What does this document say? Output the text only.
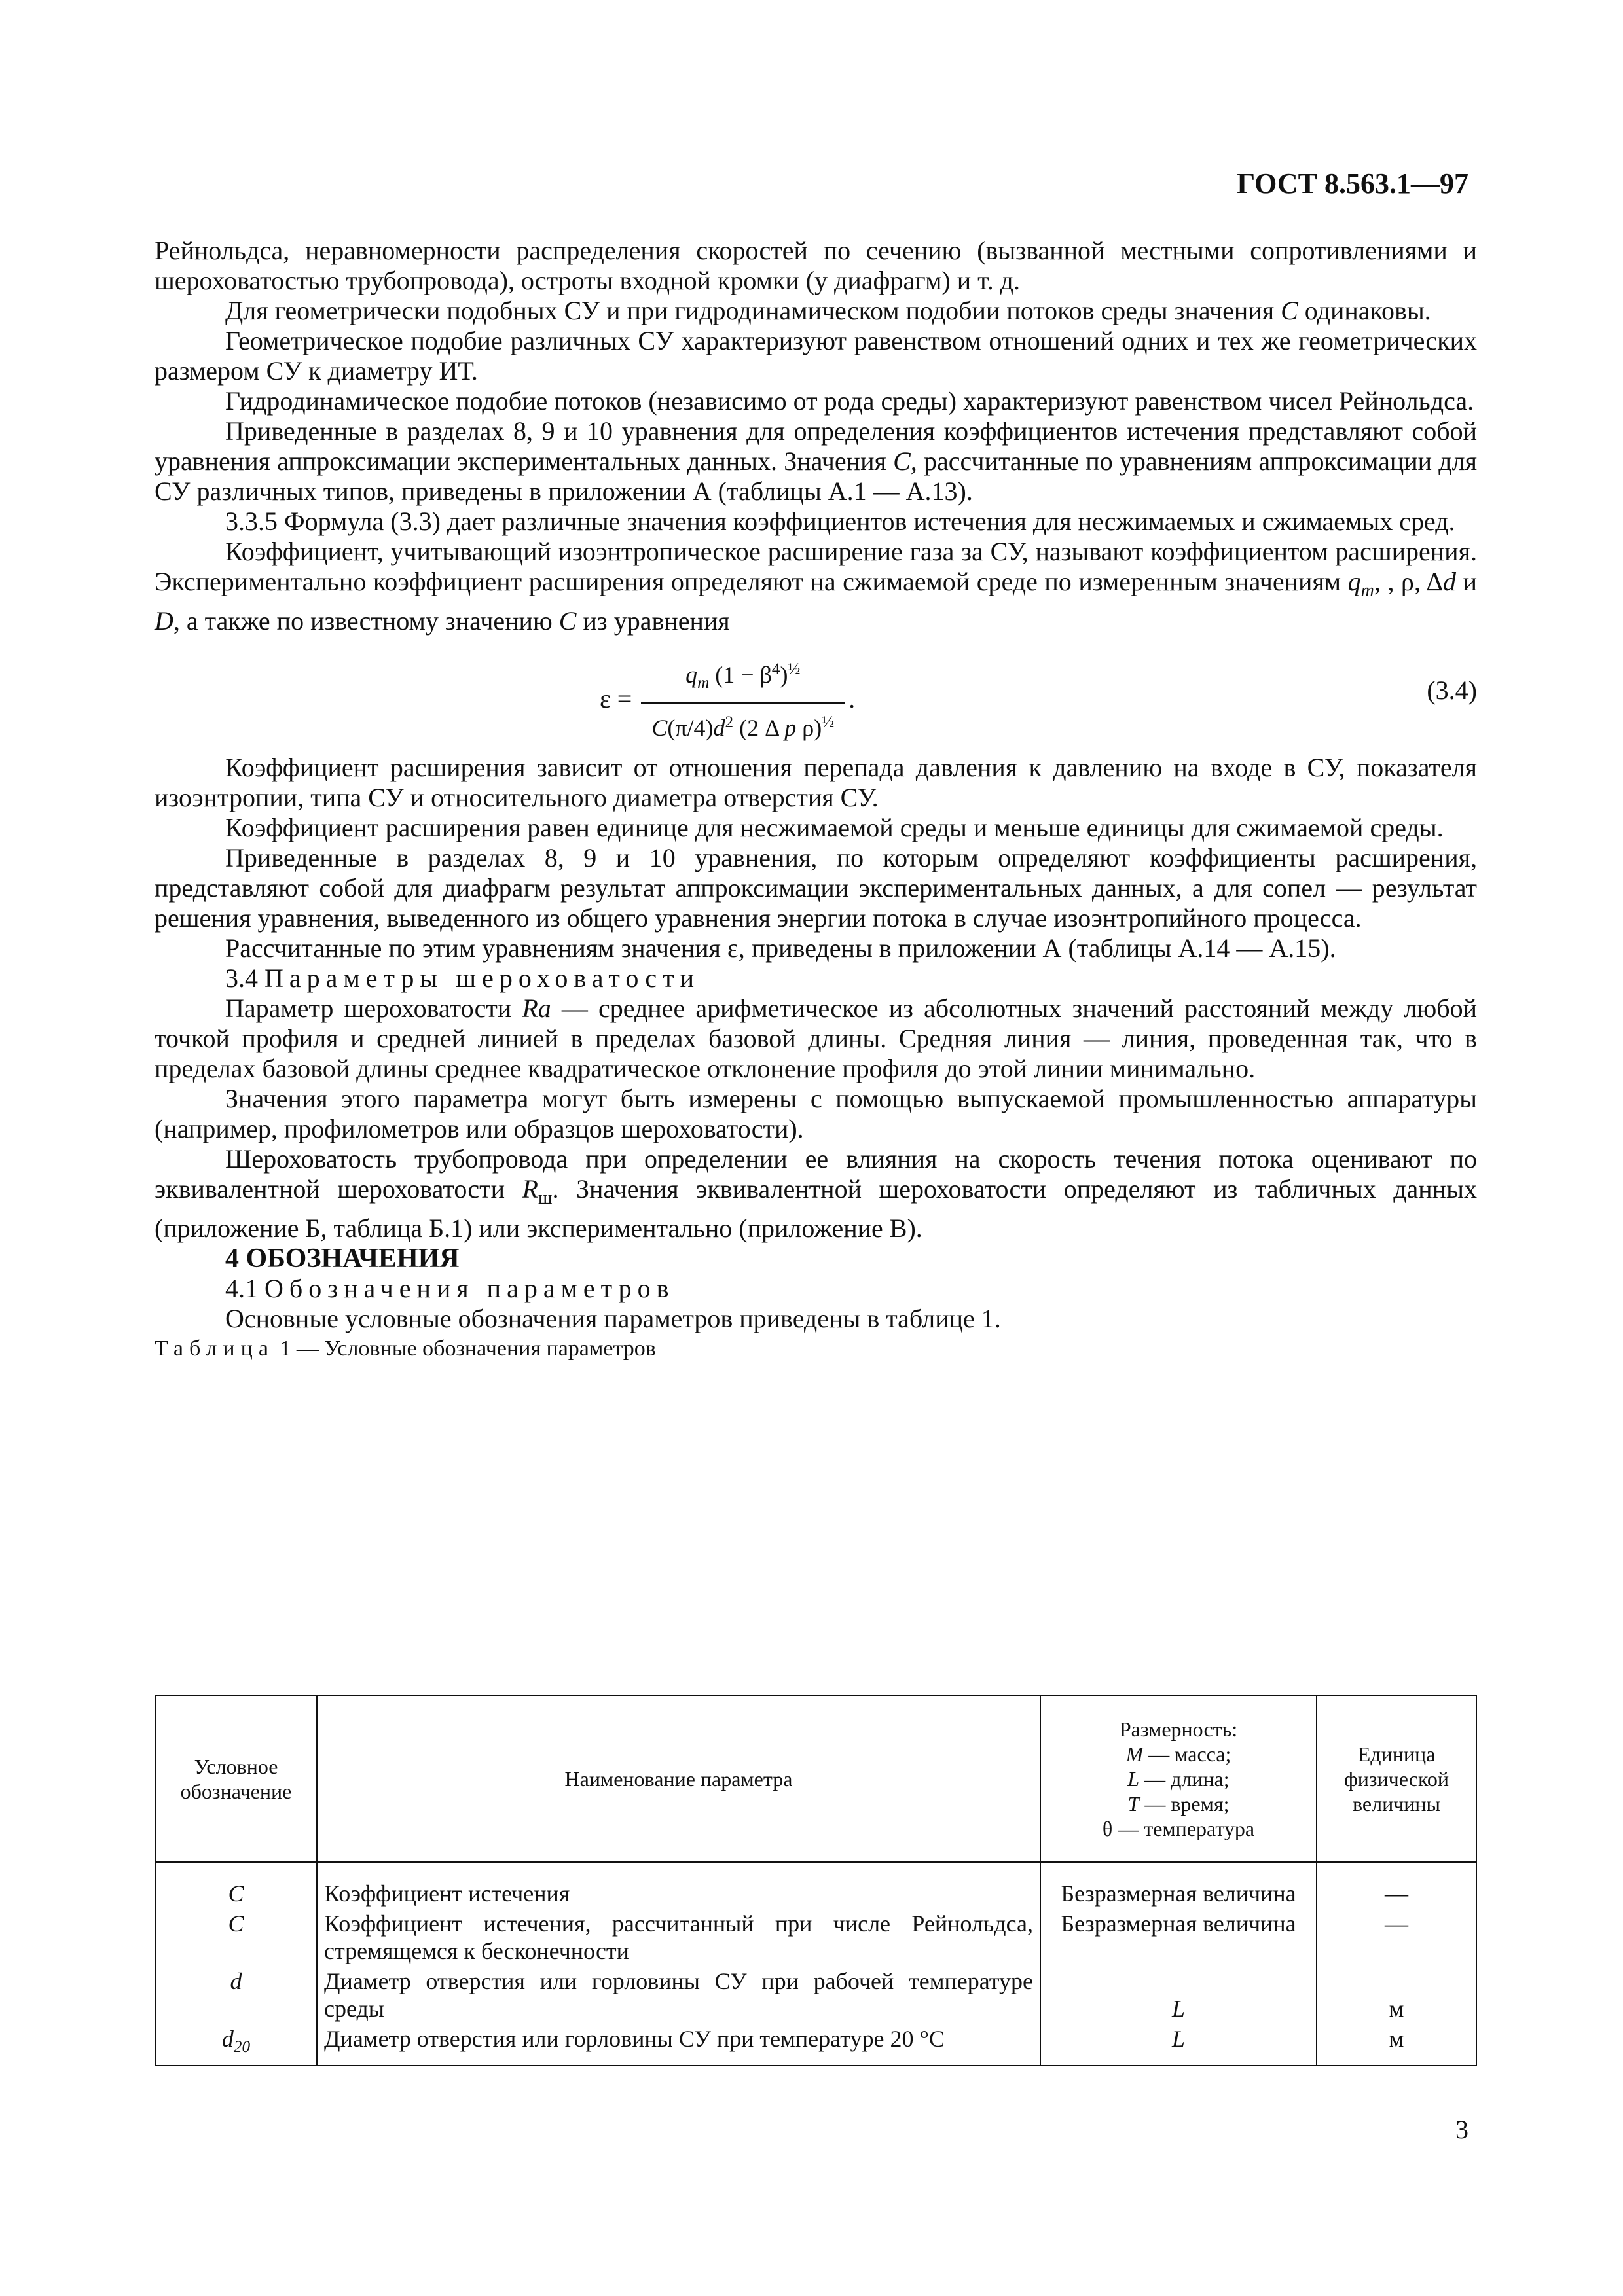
ГОСТ 8.563.1—97

Рейнольдса, неравномерности распределения скоростей по сечению (вызванной местными сопротивлениями и шероховатостью трубопровода), остроты входной кромки (у диафрагм) и т. д.

Для геометрически подобных СУ и при гидродинамическом подобии потоков среды значения C одинаковы.

Геометрическое подобие различных СУ характеризуют равенством отношений одних и тех же геометрических размером СУ к диаметру ИТ.

Гидродинамическое подобие потоков (независимо от рода среды) характеризуют равенством чисел Рейнольдса.

Приведенные в разделах 8, 9 и 10 уравнения для определения коэффициентов истечения представляют собой уравнения аппроксимации экспериментальных данных. Значения C, рассчитанные по уравнениям аппроксимации для СУ различных типов, приведены в приложении А (таблицы А.1 — А.13).

3.3.5 Формула (3.3) дает различные значения коэффициентов истечения для несжимаемых и сжимаемых сред.

Коэффициент, учитывающий изоэнтропическое расширение газа за СУ, называют коэффициентом расширения. Экспериментально коэффициент расширения определяют на сжимаемой среде по измеренным значениям $q_m$, , ρ, Δd и D, а также по известному значению C из уравнения

$\varepsilon = \frac{q_m (1 - \beta^4)^{\frac{1}{2}}}{C(\pi/4)d^2 (2 \Delta p \rho)^{\frac{1}{2}}}$ .	(3.4)

Коэффициент расширения зависит от отношения перепада давления к давлению на входе в СУ, показателя изоэнтропии, типа СУ и относительного диаметра отверстия СУ.

Коэффициент расширения равен единице для несжимаемой среды и меньше единицы для сжимаемой среды.

Приведенные в разделах 8, 9 и 10 уравнения, по которым определяют коэффициенты расширения, представляют собой для диафрагм результат аппроксимации экспериментальных данных, а для сопел — результат решения уравнения, выведенного из общего уравнения энергии потока в случае изоэнтропийного процесса.

Рассчитанные по этим уравнениям значения ε, приведены в приложении А (таблицы А.14 — А.15).

3.4 Параметры шероховатости

Параметр шероховатости Ra — среднее арифметическое из абсолютных значений расстояний между любой точкой профиля и средней линией в пределах базовой длины. Средняя линия — линия, проведенная так, что в пределах базовой длины среднее квадратическое отклонение профиля до этой линии минимально.

Значения этого параметра могут быть измерены с помощью выпускаемой промышленностью аппаратуры (например, профилометров или образцов шероховатости).

Шероховатость трубопровода при определении ее влияния на скорость течения потока оценивают по эквивалентной шероховатости $R_ш$. Значения эквивалентной шероховатости определяют из табличных данных (приложение Б, таблица Б.1) или экспериментально (приложение В).

4 ОБОЗНАЧЕНИЯ

4.1 Обозначения параметров

Основные условные обозначения параметров приведены в таблице 1.

Таблица 1 — Условные обозначения параметров

Условное обозначение	Наименование параметра	Размерность:
M — масса;
L — длина;
T — время;
θ — температура	Единица физической величины
C	Коэффициент истечения	Безразмерная величина	—
C	Коэффициент истечения, рассчитанный при числе Рейнольдса, стремящемся к бесконечности	Безразмерная величина	—
d	Диаметр отверстия или горловины СУ при рабочей температуре среды	L	м
$d_{20}$	Диаметр отверстия или горловины СУ при температуре 20 °С	L	м
3
